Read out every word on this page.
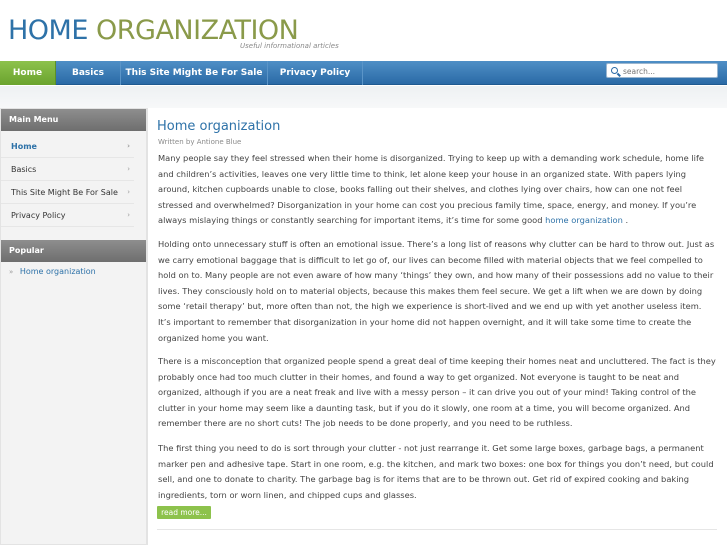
HOME ORGANIZATION
Useful informational articles
Home	Basics	This Site Might Be For Sale	Privacy Policy
search...
Main Menu
Home	›
Basics	›
This Site Might Be For Sale ›
Privacy Policy	›
Popular
» Home organization
Home organization
Written by Antione Blue
Many people say they feel stressed when their home is disorganized. Trying to keep up with a demanding work schedule, home life and children’s activities, leaves one very little time to think, let alone keep your house in an organized state. With papers lying around, kitchen cupboards unable to close, books falling out their shelves, and clothes lying over chairs, how can one not feel stressed and overwhelmed? Disorganization in your home can cost you precious family time, space, energy, and money. If you’re always mislaying things or constantly searching for important items, it’s time for some good home organization .
Holding onto unnecessary stuff is often an emotional issue. There’s a long list of reasons why clutter can be hard to throw out. Just as we carry emotional baggage that is difficult to let go of, our lives can become filled with material objects that we feel compelled to hold on to. Many people are not even aware of how many ‘things’ they own, and how many of their possessions add no value to their lives. They consciously hold on to material objects, because this makes them feel secure. We get a lift when we are down by doing some ‘retail therapy’ but, more often than not, the high we experience is short-lived and we end up with yet another useless item. It’s important to remember that disorganization in your home did not happen overnight, and it will take some time to create the organized home you want.
There is a misconception that organized people spend a great deal of time keeping their homes neat and uncluttered. The fact is they probably once had too much clutter in their homes, and found a way to get organized. Not everyone is taught to be neat and organized, although if you are a neat freak and live with a messy person – it can drive you out of your mind! Taking control of the clutter in your home may seem like a daunting task, but if you do it slowly, one room at a time, you will become organized. And remember there are no short cuts! The job needs to be done properly, and you need to be ruthless.
The first thing you need to do is sort through your clutter - not just rearrange it. Get some large boxes, garbage bags, a permanent marker pen and adhesive tape. Start in one room, e.g. the kitchen, and mark two boxes: one box for things you don’t need, but could sell, and one to donate to charity. The garbage bag is for items that are to be thrown out. Get rid of expired cooking and baking ingredients, torn or worn linen, and chipped cups and glasses.
read more...
